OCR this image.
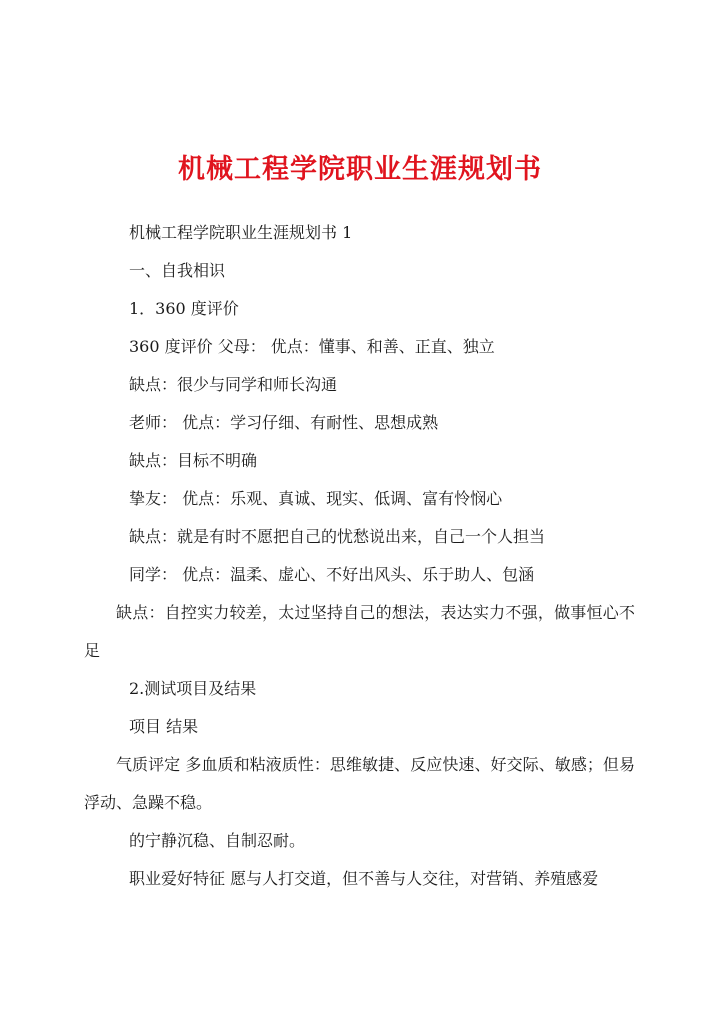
机械工程学院职业生涯规划书

机械工程学院职业生涯规划书 1

一、自我相识

1．360 度评价

360 度评价 父母： 优点：懂事、和善、正直、独立

缺点：很少与同学和师长沟通

老师： 优点：学习仔细、有耐性、思想成熟

缺点：目标不明确

挚友： 优点：乐观、真诚、现实、低调、富有怜悯心

缺点：就是有时不愿把自己的忧愁说出来，自己一个人担当

同学： 优点：温柔、虚心、不好出风头、乐于助人、包涵

缺点：自控实力较差，太过坚持自己的想法，表达实力不强，做事恒心不足

2.测试项目及结果

项目 结果

气质评定 多血质和粘液质性：思维敏捷、反应快速、好交际、敏感；但易浮动、急躁不稳。

的宁静沉稳、自制忍耐。

职业爱好特征 愿与人打交道，但不善与人交往，对营销、养殖感爱
